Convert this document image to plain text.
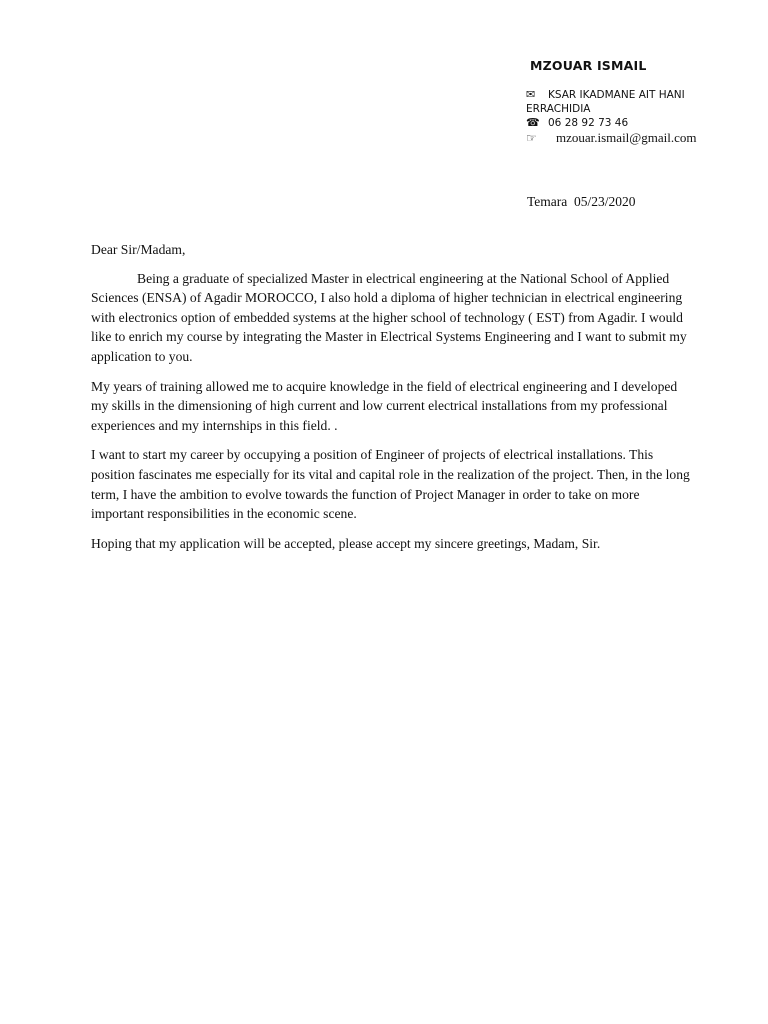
MZOUAR ISMAIL
✉ KSAR IKADMANE AIT HANI
ERRACHIDIA
☎ 06 28 92 73 46
☞ mzouar.ismail@gmail.com
Temara  05/23/2020

Dear Sir/Madam,

Being a graduate of specialized Master in electrical engineering at the National School of Applied Sciences (ENSA) of Agadir MOROCCO, I also hold a diploma of higher technician in electrical engineering with electronics option of embedded systems at the higher school of technology ( EST) from Agadir. I would like to enrich my course by integrating the Master in Electrical Systems Engineering and I want to submit my application to you.

My years of training allowed me to acquire knowledge in the field of electrical engineering and I developed my skills in the dimensioning of high current and low current electrical installations from my professional experiences and my internships in this field. .

I want to start my career by occupying a position of Engineer of projects of electrical installations. This position fascinates me especially for its vital and capital role in the realization of the project. Then, in the long term, I have the ambition to evolve towards the function of Project Manager in order to take on more important responsibilities in the economic scene.

Hoping that my application will be accepted, please accept my sincere greetings, Madam, Sir.
